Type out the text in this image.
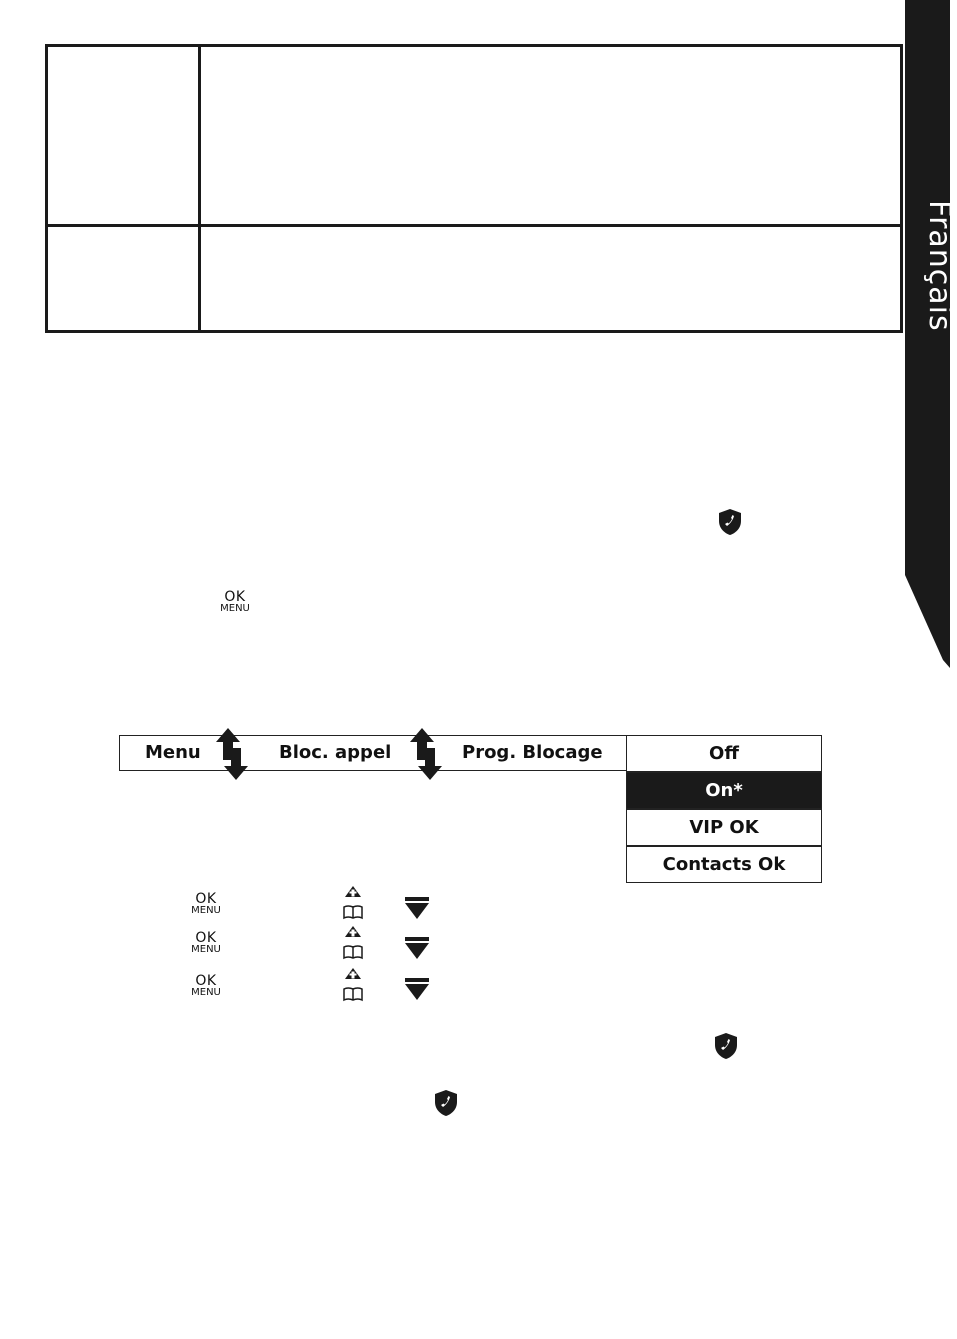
Français
OK
MENU
Menu	Bloc. appel	Prog. Blocage	Off
On*
VIP OK
Contacts Ok
OK
MENU
OK
MENU
OK
MENU
